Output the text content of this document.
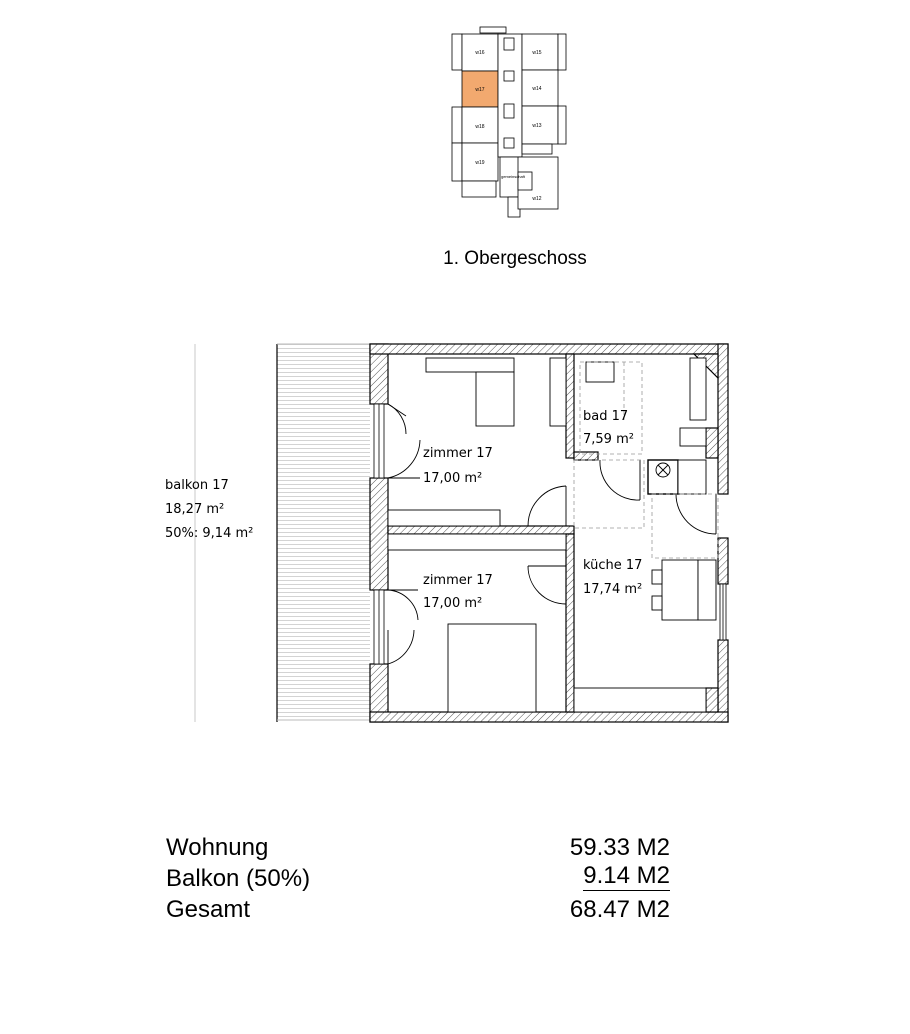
w16
w17
w18
w19
w15
w14
w13
w12
gemeinschaft
balkon 17
18,27 m²
50%: 9,14 m²
zimmer 17
17,00 m²
zimmer 17
17,00 m²
bad 17
7,59 m²
küche 17
17,74 m²
1. Obergeschoss
Wohnung	59.33 M2
Balkon (50%)	9.14 M2
Gesamt	68.47 M2
